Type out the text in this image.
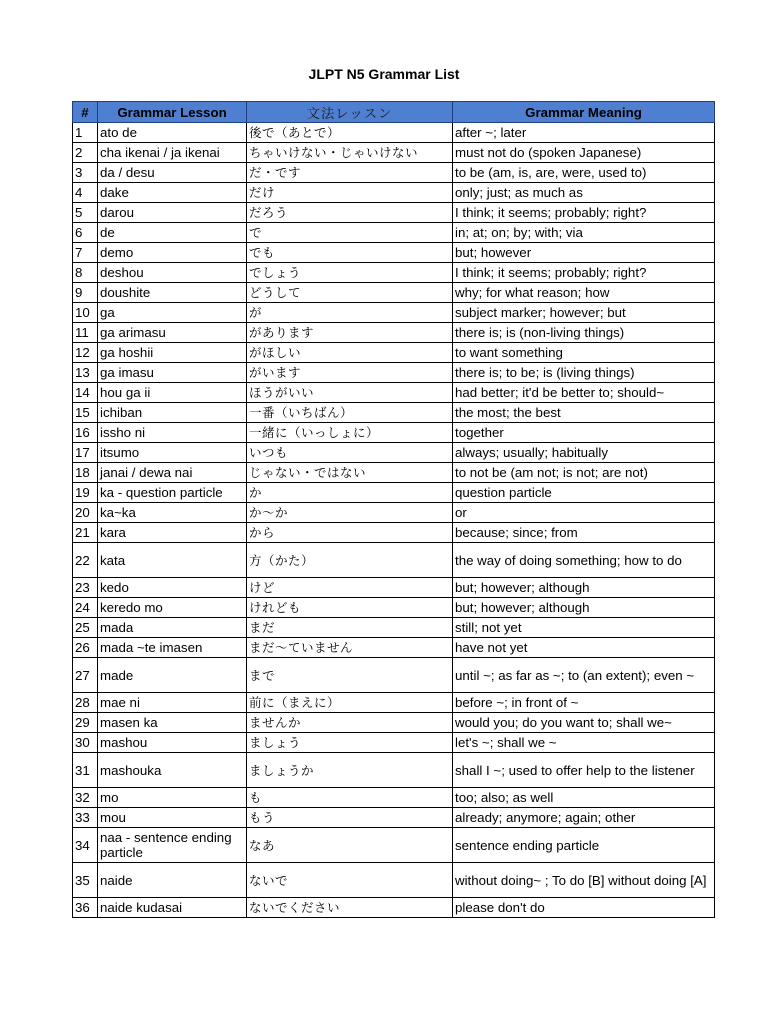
JLPT N5 Grammar List
#	Grammar Lesson	文法レッスン	Grammar Meaning
1	ato de	後で（あとで）	after ~; later
2	cha ikenai / ja ikenai	ちゃいけない・じゃいけない	must not do (spoken Japanese)
3	da / desu	だ・です	to be (am, is, are, were, used to)
4	dake	だけ	only; just; as much as
5	darou	だろう	I think; it seems; probably; right?
6	de	で	in; at; on; by; with; via
7	demo	でも	but; however
8	deshou	でしょう	I think; it seems; probably; right?
9	doushite	どうして	why; for what reason; how
10	ga	が	subject marker; however; but
11	ga arimasu	があります	there is; is (non-living things)
12	ga hoshii	がほしい	to want something
13	ga imasu	がいます	there is; to be; is (living things)
14	hou ga ii	ほうがいい	had better; it'd be better to; should~
15	ichiban	一番（いちばん）	the most; the best
16	issho ni	一緒に（いっしょに）	together
17	itsumo	いつも	always; usually; habitually
18	janai / dewa nai	じゃない・ではない	to not be (am not; is not; are not)
19	ka - question particle	か	question particle
20	ka~ka	か～か	or
21	kara	から	because; since; from
22	kata	方（かた）	the way of doing something; how to do
23	kedo	けど	but; however; although
24	keredo mo	けれども	but; however; although
25	mada	まだ	still; not yet
26	mada ~te imasen	まだ～ていません	have not yet
27	made	まで	until ~; as far as ~; to (an extent); even ~
28	mae ni	前に（まえに）	before ~; in front of ~
29	masen ka	ませんか	would you; do you want to; shall we~
30	mashou	ましょう	let's ~; shall we ~
31	mashouka	ましょうか	shall I ~; used to offer help to the listener
32	mo	も	too; also; as well
33	mou	もう	already; anymore; again; other
34	naa - sentence ending particle	なあ	sentence ending particle
35	naide	ないで	without doing~ ; To do [B] without doing [A]
36	naide kudasai	ないでください	please don't do
